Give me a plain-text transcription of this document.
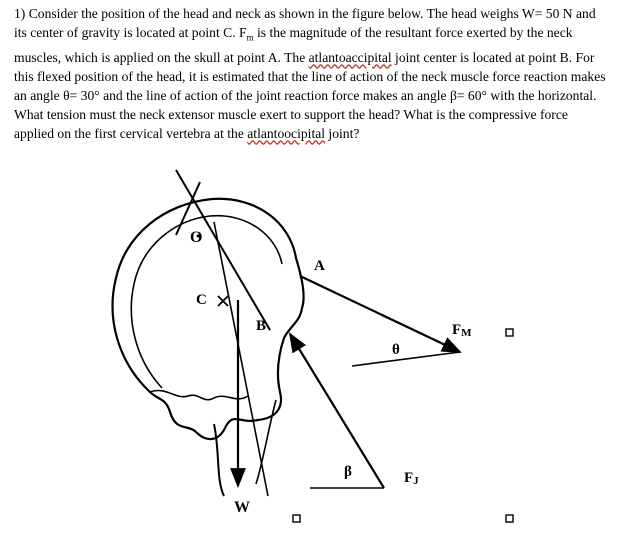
1) Consider the position of the head and neck as shown in the figure below. The head weighs W= 50 N and its center of gravity is located at point C. $F_m$ is the magnitude of the resultant force exerted by the neck muscles, which is applied on the skull at point A. The atlantoaccipital joint center is located at point B. For this flexed position of the head, it is estimated that the line of action of the neck muscle force reaction makes an angle θ= 30° and the line of action of the joint reaction force makes an angle β= 60° with the horizontal. What tension must the neck extensor muscle exert to support the head? What is the compressive force applied on the first cervical vertebra at the atlantoocipital joint?
O
C
A
B
W
θ
β
FM
FJ
